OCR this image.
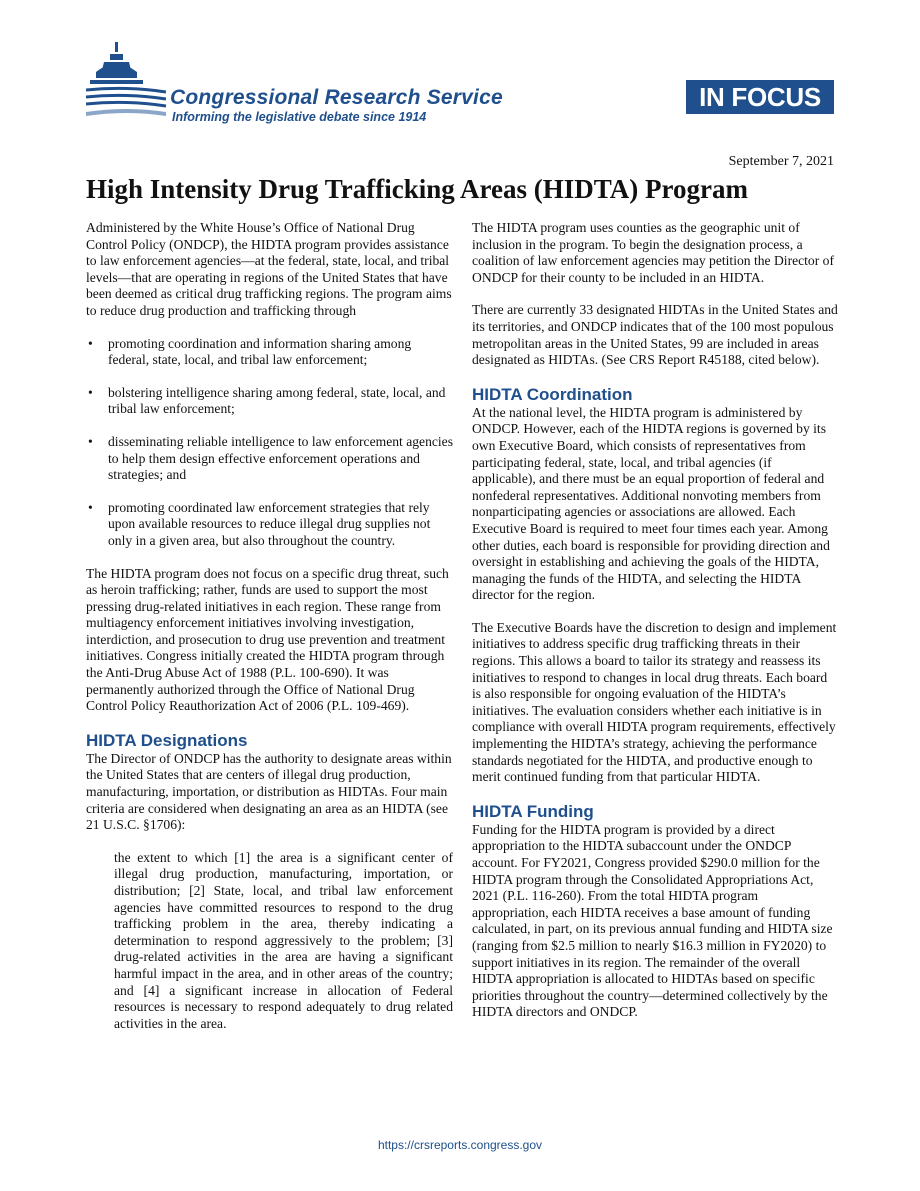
Congressional Research Service
Informing the legislative debate since 1914
IN FOCUS
September 7, 2021
High Intensity Drug Trafficking Areas (HIDTA) Program

Administered by the White House’s Office of National Drug Control Policy (ONDCP), the HIDTA program provides assistance to law enforcement agencies—at the federal, state, local, and tribal levels—that are operating in regions of the United States that have been deemed as critical drug trafficking regions. The program aims to reduce drug production and trafficking through

• promoting coordination and information sharing among federal, state, local, and tribal law enforcement;
• bolstering intelligence sharing among federal, state, local, and tribal law enforcement;
• disseminating reliable intelligence to law enforcement agencies to help them design effective enforcement operations and strategies; and
• promoting coordinated law enforcement strategies that rely upon available resources to reduce illegal drug supplies not only in a given area, but also throughout the country.

The HIDTA program does not focus on a specific drug threat, such as heroin trafficking; rather, funds are used to support the most pressing drug-related initiatives in each region. These range from multiagency enforcement initiatives involving investigation, interdiction, and prosecution to drug use prevention and treatment initiatives. Congress initially created the HIDTA program through the Anti-Drug Abuse Act of 1988 (P.L. 100-690). It was permanently authorized through the Office of National Drug Control Policy Reauthorization Act of 2006 (P.L. 109-469).

HIDTA Designations
The Director of ONDCP has the authority to designate areas within the United States that are centers of illegal drug production, manufacturing, importation, or distribution as HIDTAs. Four main criteria are considered when designating an area as an HIDTA (see 21 U.S.C. §1706):
the extent to which [1] the area is a significant center of illegal drug production, manufacturing, importation, or distribution; [2] State, local, and tribal law enforcement agencies have committed resources to respond to the drug trafficking problem in the area, thereby indicating a determination to respond aggressively to the problem; [3] drug-related activities in the area are having a significant harmful impact in the area, and in other areas of the country; and [4] a significant increase in allocation of Federal resources is necessary to respond adequately to drug related activities in the area.

The HIDTA program uses counties as the geographic unit of inclusion in the program. To begin the designation process, a coalition of law enforcement agencies may petition the Director of ONDCP for their county to be included in an HIDTA.

There are currently 33 designated HIDTAs in the United States and its territories, and ONDCP indicates that of the 100 most populous metropolitan areas in the United States, 99 are included in areas designated as HIDTAs. (See CRS Report R45188, cited below).

HIDTA Coordination

At the national level, the HIDTA program is administered by ONDCP. However, each of the HIDTA regions is governed by its own Executive Board, which consists of representatives from participating federal, state, local, and tribal agencies (if applicable), and there must be an equal proportion of federal and nonfederal representatives. Additional nonvoting members from nonparticipating agencies or associations are allowed. Each Executive Board is required to meet four times each year. Among other duties, each board is responsible for providing direction and oversight in establishing and achieving the goals of the HIDTA, managing the funds of the HIDTA, and selecting the HIDTA director for the region.

The Executive Boards have the discretion to design and implement initiatives to address specific drug trafficking threats in their regions. This allows a board to tailor its strategy and reassess its initiatives to respond to changes in local drug threats. Each board is also responsible for ongoing evaluation of the HIDTA’s initiatives. The evaluation considers whether each initiative is in compliance with overall HIDTA program requirements, effectively implementing the HIDTA’s strategy, achieving the performance standards negotiated for the HIDTA, and productive enough to merit continued funding from that particular HIDTA.

HIDTA Funding
Funding for the HIDTA program is provided by a direct appropriation to the HIDTA subaccount under the ONDCP account. For FY2021, Congress provided $290.0 million for the HIDTA program through the Consolidated Appropriations Act, 2021 (P.L. 116-260). From the total HIDTA program appropriation, each HIDTA receives a base amount of funding calculated, in part, on its previous annual funding and HIDTA size (ranging from $2.5 million to nearly $16.3 million in FY2020) to support initiatives in its region. The remainder of the overall HIDTA appropriation is allocated to HIDTAs based on specific priorities throughout the country—determined collectively by the HIDTA directors and ONDCP.
https://crsreports.congress.gov
